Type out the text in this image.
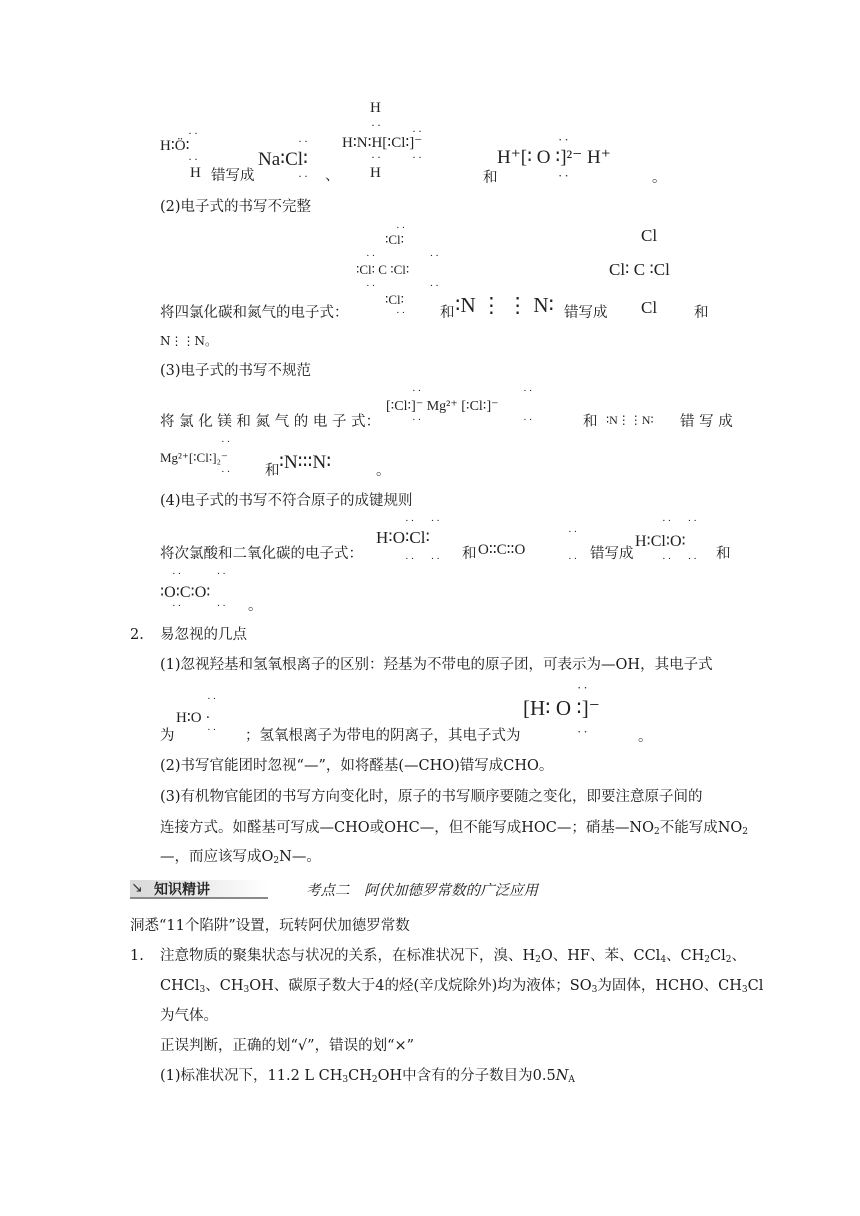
··
H∶Ö∶
··
H 错写成
··
Na∶Cl∶
·· 、
H
·· ··
H∶N∶H[∶Cl∶]⁻
·· ··
H	和
··
H⁺[∶ O ∶]²⁻ H⁺
··	。
(2)电子式的书写不完整
··
∶Cl∶
··           ··
∶Cl∶ C ∶Cl∶
··           ··
∶Cl∶
··
将四氯化碳和氮气的电子式：	和 ∶N ⋮ ⋮ N∶ 错写成
Cl
Cl∶ C ∶Cl
Cl	和
N⋮⋮N。
(3)电子式的书写不规范
··                     ··
将 氯 化 镁 和 氮 气 的 电 子 式：
[∶Cl∶]⁻ Mg²⁺ [∶Cl∶]⁻
··                     ··	和 ∶N⋮⋮N∶ 错 写 成
··
Mg²⁺[∶Cl∶]₂⁻
·· 和 ∶N∶∶∶N∶	。
(4)电子式的书写不符合原子的成键规则
··   ··
··
··   ··
将次氯酸和二氧化碳的电子式：
H∶O∶Cl∶
和 O∶∶C∶∶O	错写成
H∶Cl∶O∶
和
··   ··	··	··   ··
··       ··
∶O∶C∶O∶
··       ·· 。
2. 易忽视的几点
(1)忽视羟基和氢氧根离子的区别：羟基为不带电的原子团，可表示为—OH，其电子式
··
H∶O ·
··
为	；氢氧根离子为带电的阴离子，其电子式为
··
[H∶ O ∶]⁻
··	。
(2)书写官能团时忽视“—”，如将醛基(—CHO)错写成CHO。
(3)有机物官能团的书写方向变化时，原子的书写顺序要随之变化，即要注意原子间的
连接方式。如醛基可写成—CHO或OHC—，但不能写成HOC—；硝基$—NO_2$不能写成$NO_2$
—，而应该写成$O_2N—$。
考点二　阿伏加德罗常数的广泛应用
↘ 知识精讲
洞悉“11个陷阱”设置，玩转阿伏加德罗常数
1. 注意物质的聚集状态与状况的关系，在标准状况下，溴、$H_2O$、HF、苯、CCl$_4$、$CH_2Cl_2$、
CHCl$_3$、$CH_3OH$、碳原子数大于4的烃(辛戊烷除外)均为液体；$SO_3$为固体，HCHO、$CH_3Cl$
为气体。
正误判断，正确的划“√”，错误的划“×”
(1)标准状况下，11.2 L $CH_3CH_2OH$中含有的分子数目为$0.5N_A$
